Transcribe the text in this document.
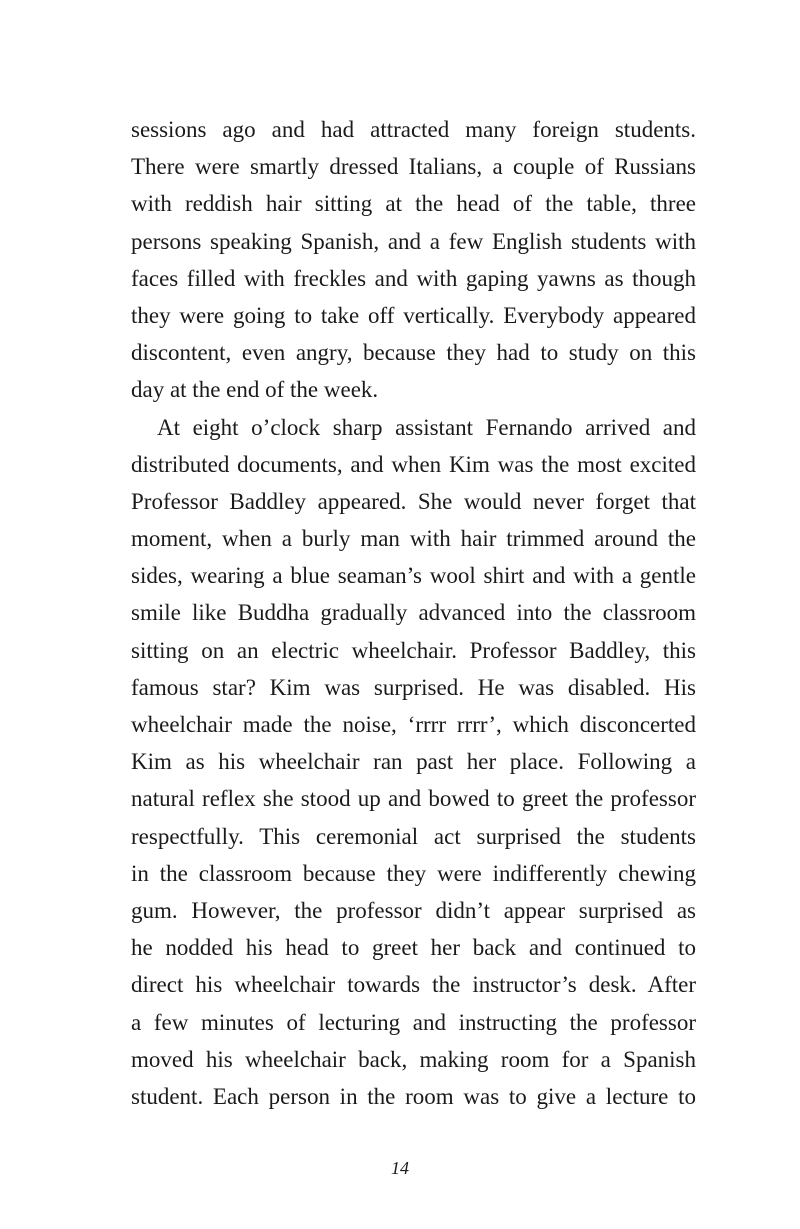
sessions ago and had attracted many foreign students.
There were smartly dressed Italians, a couple of Russians
with reddish hair sitting at the head of the table, three
persons speaking Spanish, and a few English students with
faces filled with freckles and with gaping yawns as though
they were going to take off vertically. Everybody appeared
discontent, even angry, because they had to study on this
day at the end of the week.
At eight o’clock sharp assistant Fernando arrived and
distributed documents, and when Kim was the most excited
Professor Baddley appeared. She would never forget that
moment, when a burly man with hair trimmed around the
sides, wearing a blue seaman’s wool shirt and with a gentle
smile like Buddha gradually advanced into the classroom
sitting on an electric wheelchair. Professor Baddley, this
famous star? Kim was surprised. He was disabled. His
wheelchair made the noise, ‘rrrr rrrr’, which disconcerted
Kim as his wheelchair ran past her place. Following a
natural reflex she stood up and bowed to greet the professor
respectfully. This ceremonial act surprised the students
in the classroom because they were indifferently chewing
gum. However, the professor didn’t appear surprised as
he nodded his head to greet her back and continued to
direct his wheelchair towards the instructor’s desk. After
a few minutes of lecturing and instructing the professor
moved his wheelchair back, making room for a Spanish
student. Each person in the room was to give a lecture to
14
